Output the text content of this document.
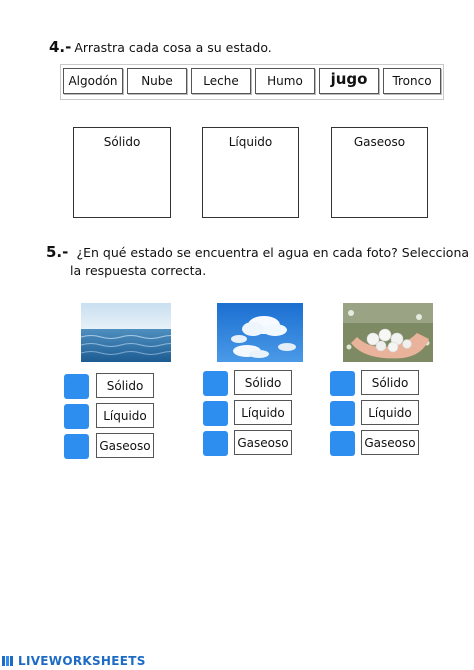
4.- Arrastra cada cosa a su estado.
Algodón	Nube	Leche	Humo	jugo	Tronco
Sólido	Líquido	Gaseoso
5.- ¿En qué estado se encuentra el agua en cada foto? Selecciona
la respuesta correcta.
Sólido
Líquido
Gaseoso
Sólido
Líquido
Gaseoso
Sólido
Líquido
Gaseoso
LIVEWORKSHEETS
